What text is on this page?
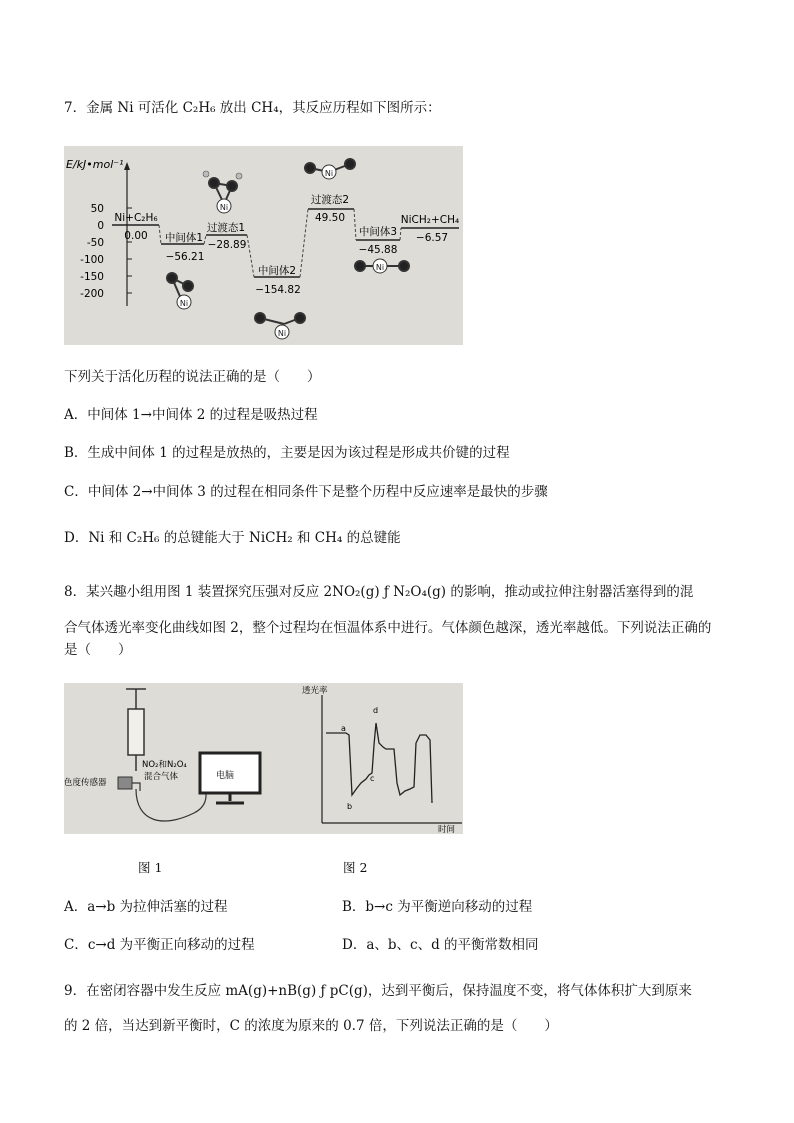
7．金属 Ni 可活化 C₂H₆ 放出 CH₄，其反应历程如下图所示：
E/kJ•mol⁻¹
50
0
-50
-100
-150
-200
Ni+C₂H₆
0.00 中间体1
−56.21
过渡态1
−28.89
中间体2
−154.82
过渡态2
49.50
中间体3
−45.88
NiCH₂+CH₄
−6.57
Ni
Ni
Ni
Ni
Ni
下列关于活化历程的说法正确的是（　　）
A．中间体 1→中间体 2 的过程是吸热过程
B．生成中间体 1 的过程是放热的，主要是因为该过程是形成共价键的过程
C．中间体 2→中间体 3 的过程在相同条件下是整个历程中反应速率是最快的步骤
D．Ni 和 C₂H₆ 的总键能大于 NiCH₂ 和 CH₄ 的总键能
8．某兴趣小组用图 1 装置探究压强对反应 2NO₂(g) ƒ N₂O₄(g) 的影响，推动或拉伸注射器活塞得到的混
合气体透光率变化曲线如图 2，整个过程均在恒温体系中进行。气体颜色越深，透光率越低。下列说法正确的
是（　　）
NO₂和N₂O₄
混合气体
色度传感器
电脑
透光率
时间
a
b
c
d
图 1	图 2
A．a→b 为拉伸活塞的过程	B．b→c 为平衡逆向移动的过程
C．c→d 为平衡正向移动的过程	D．a、b、c、d 的平衡常数相同
9．在密闭容器中发生反应 mA(g)+nB(g) ƒ pC(g)，达到平衡后，保持温度不变，将气体体积扩大到原来
的 2 倍，当达到新平衡时，C 的浓度为原来的 0.7 倍，下列说法正确的是（　　）
